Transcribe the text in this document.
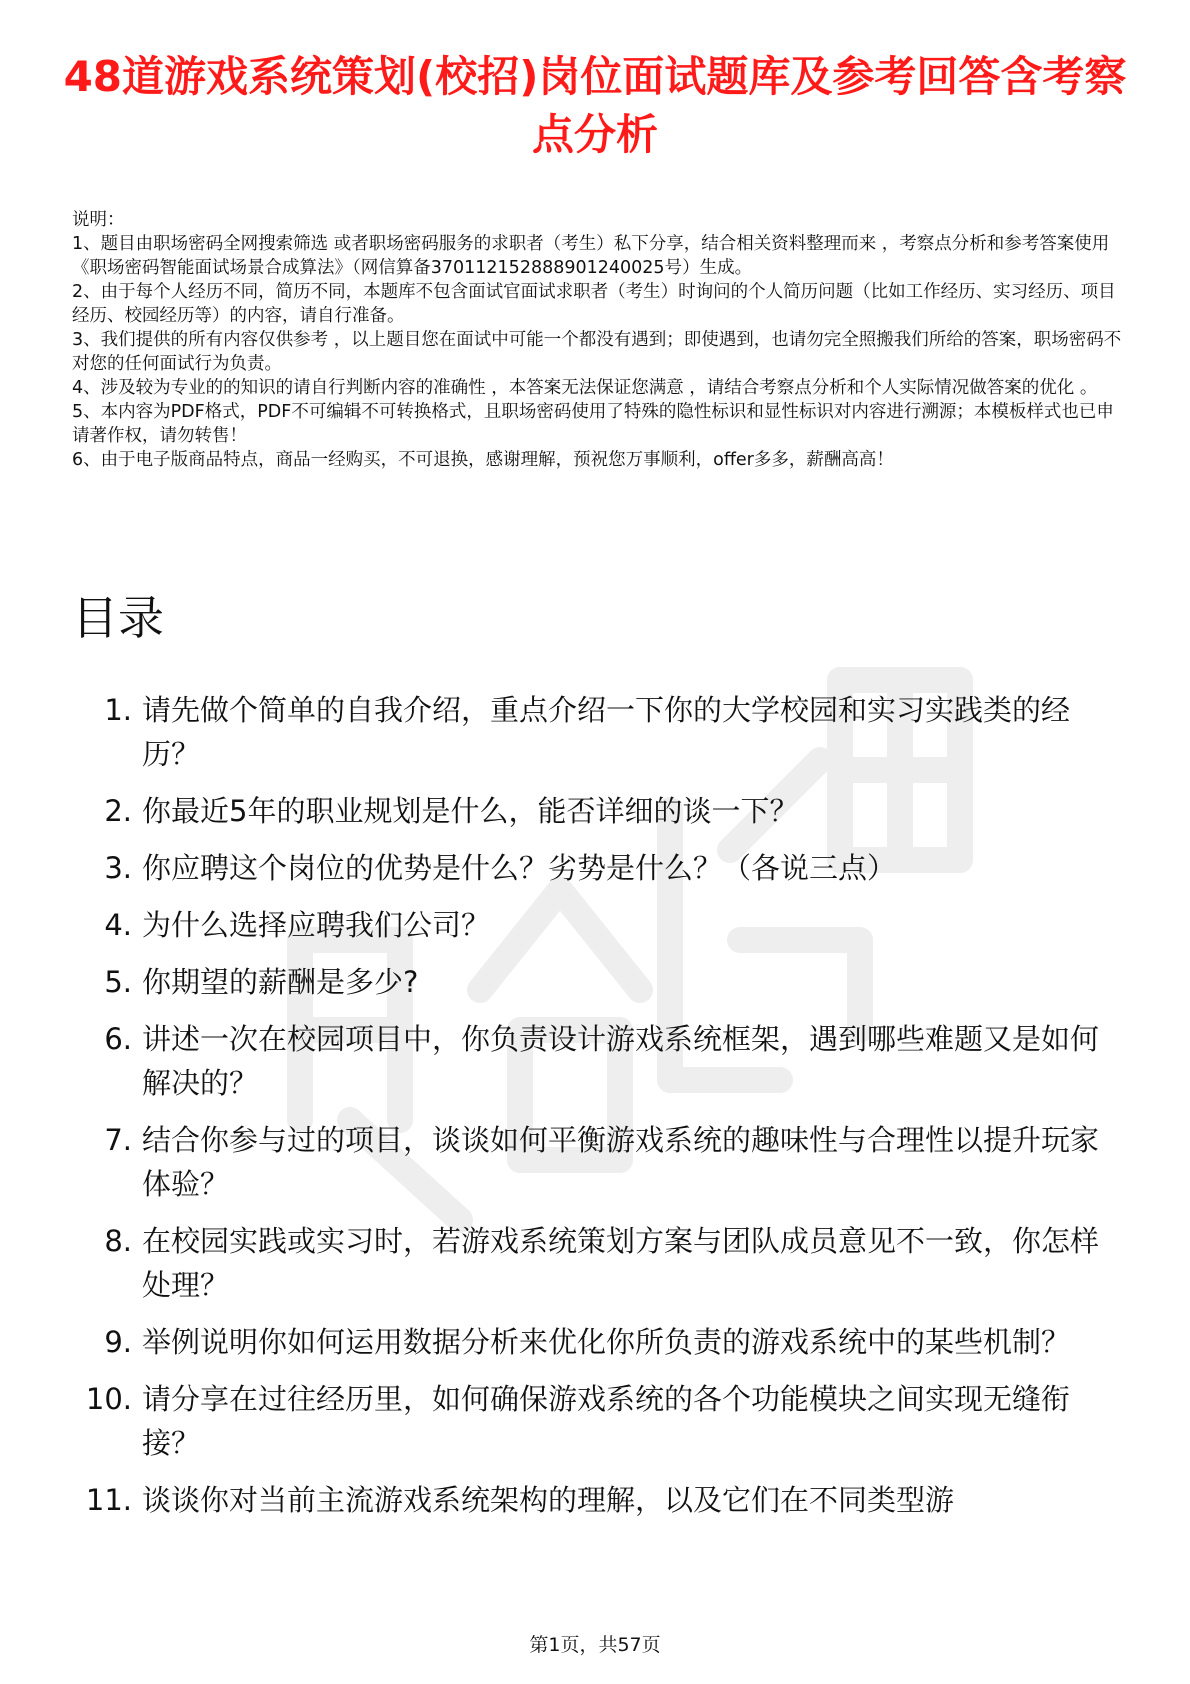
48道游戏系统策划(校招)岗位面试题库及参考回答含考察点分析

说明：

1、题目由职场密码全网搜索筛选 或者职场密码服务的求职者（考生）私下分享，结合相关资料整理而来 ，考察点分析和参考答案使用《职场密码智能面试场景合成算法》（网信算备370112152888901240025号）生成。

2、由于每个人经历不同，简历不同，本题库不包含面试官面试求职者（考生）时询问的个人简历问题（比如工作经历、实习经历、项目经历、校园经历等）的内容，请自行准备。

3、我们提供的所有内容仅供参考 ，以上题目您在面试中可能一个都没有遇到；即使遇到，也请勿完全照搬我们所给的答案，职场密码不对您的任何面试行为负责。

4、涉及较为专业的的知识的请自行判断内容的准确性 ，本答案无法保证您满意 ，请结合考察点分析和个人实际情况做答案的优化 。

5、本内容为PDF格式，PDF不可编辑不可转换格式，且职场密码使用了特殊的隐性标识和显性标识对内容进行溯源；本模板样式也已申请著作权，请勿转售！

6、由于电子版商品特点，商品一经购买，不可退换，感谢理解，预祝您万事顺利，offer多多，薪酬高高！

目录
1. 请先做个简单的自我介绍，重点介绍一下你的大学校园和实习实践类的经历？
2. 你最近5年的职业规划是什么，能否详细的谈一下？
3. 你应聘这个岗位的优势是什么？劣势是什么？（各说三点）
4. 为什么选择应聘我们公司？
5. 你期望的薪酬是多少?
6. 讲述一次在校园项目中，你负责设计游戏系统框架，遇到哪些难题又是如何解决的？
7. 结合你参与过的项目，谈谈如何平衡游戏系统的趣味性与合理性以提升玩家体验？
8. 在校园实践或实习时，若游戏系统策划方案与团队成员意见不一致，你怎样处理？
9. 举例说明你如何运用数据分析来优化你所负责的游戏系统中的某些机制？
10. 请分享在过往经历里，如何确保游戏系统的各个功能模块之间实现无缝衔接？
11. 谈谈你对当前主流游戏系统架构的理解，以及它们在不同类型游
第1页，共57页
